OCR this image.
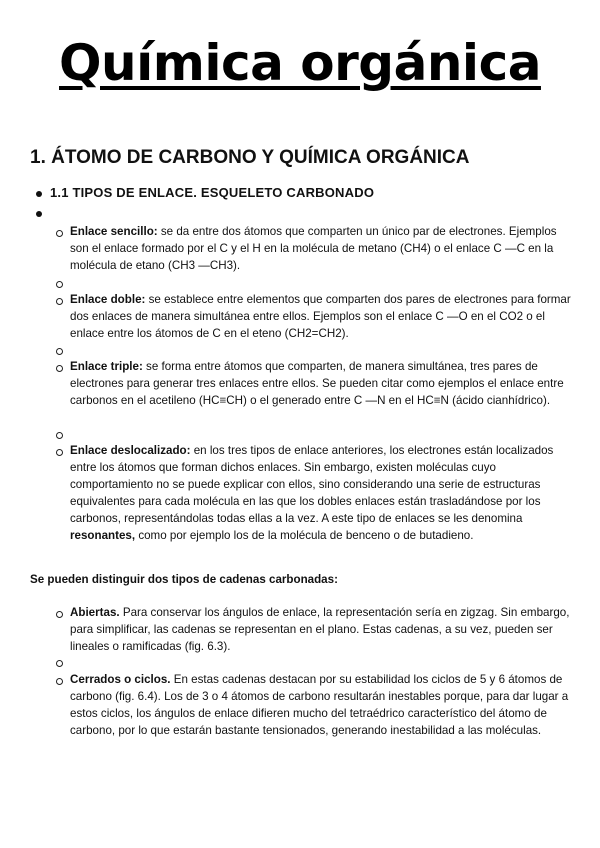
Química orgánica
1. ÁTOMO DE CARBONO Y QUÍMICA ORGÁNICA
1.1 TIPOS DE ENLACE. ESQUELETO CARBONADO
Enlace sencillo: se da entre dos átomos que comparten un único par de electrones. Ejemplos son el enlace formado por el C y el H en la molécula de metano (CH4) o el enlace C —C en la molécula de etano (CH3 —CH3).
Enlace doble: se establece entre elementos que comparten dos pares de electrones para formar dos enlaces de manera simultánea entre ellos. Ejemplos son el enlace C —O en el CO2 o el enlace entre los átomos de C en el eteno (CH2=CH2).
Enlace triple: se forma entre átomos que comparten, de manera simultánea, tres pares de electrones para generar tres enlaces entre ellos. Se pueden citar como ejemplos el enlace entre carbonos en el acetileno (HC≡CH) o el generado entre C —N en el HC≡N (ácido cianhídrico).
Enlace deslocalizado: en los tres tipos de enlace anteriores, los electrones están localizados entre los átomos que forman dichos enlaces. Sin embargo, existen moléculas cuyo comportamiento no se puede explicar con ellos, sino considerando una serie de estructuras equivalentes para cada molécula en las que los dobles enlaces están trasladándose por los carbonos, representándolas todas ellas a la vez. A este tipo de enlaces se les denomina resonantes, como por ejemplo los de la molécula de benceno o de butadieno.
Se pueden distinguir dos tipos de cadenas carbonadas:
Abiertas. Para conservar los ángulos de enlace, la representación sería en zigzag. Sin embargo, para simplificar, las cadenas se representan en el plano. Estas cadenas, a su vez, pueden ser lineales o ramificadas (fig. 6.3).
Cerrados o ciclos. En estas cadenas destacan por su estabilidad los ciclos de 5 y 6 átomos de carbono (fig. 6.4). Los de 3 o 4 átomos de carbono resultarán inestables porque, para dar lugar a estos ciclos, los ángulos de enlace difieren mucho del tetraédrico característico del átomo de carbono, por lo que estarán bastante tensionados, generando inestabilidad a las moléculas.
